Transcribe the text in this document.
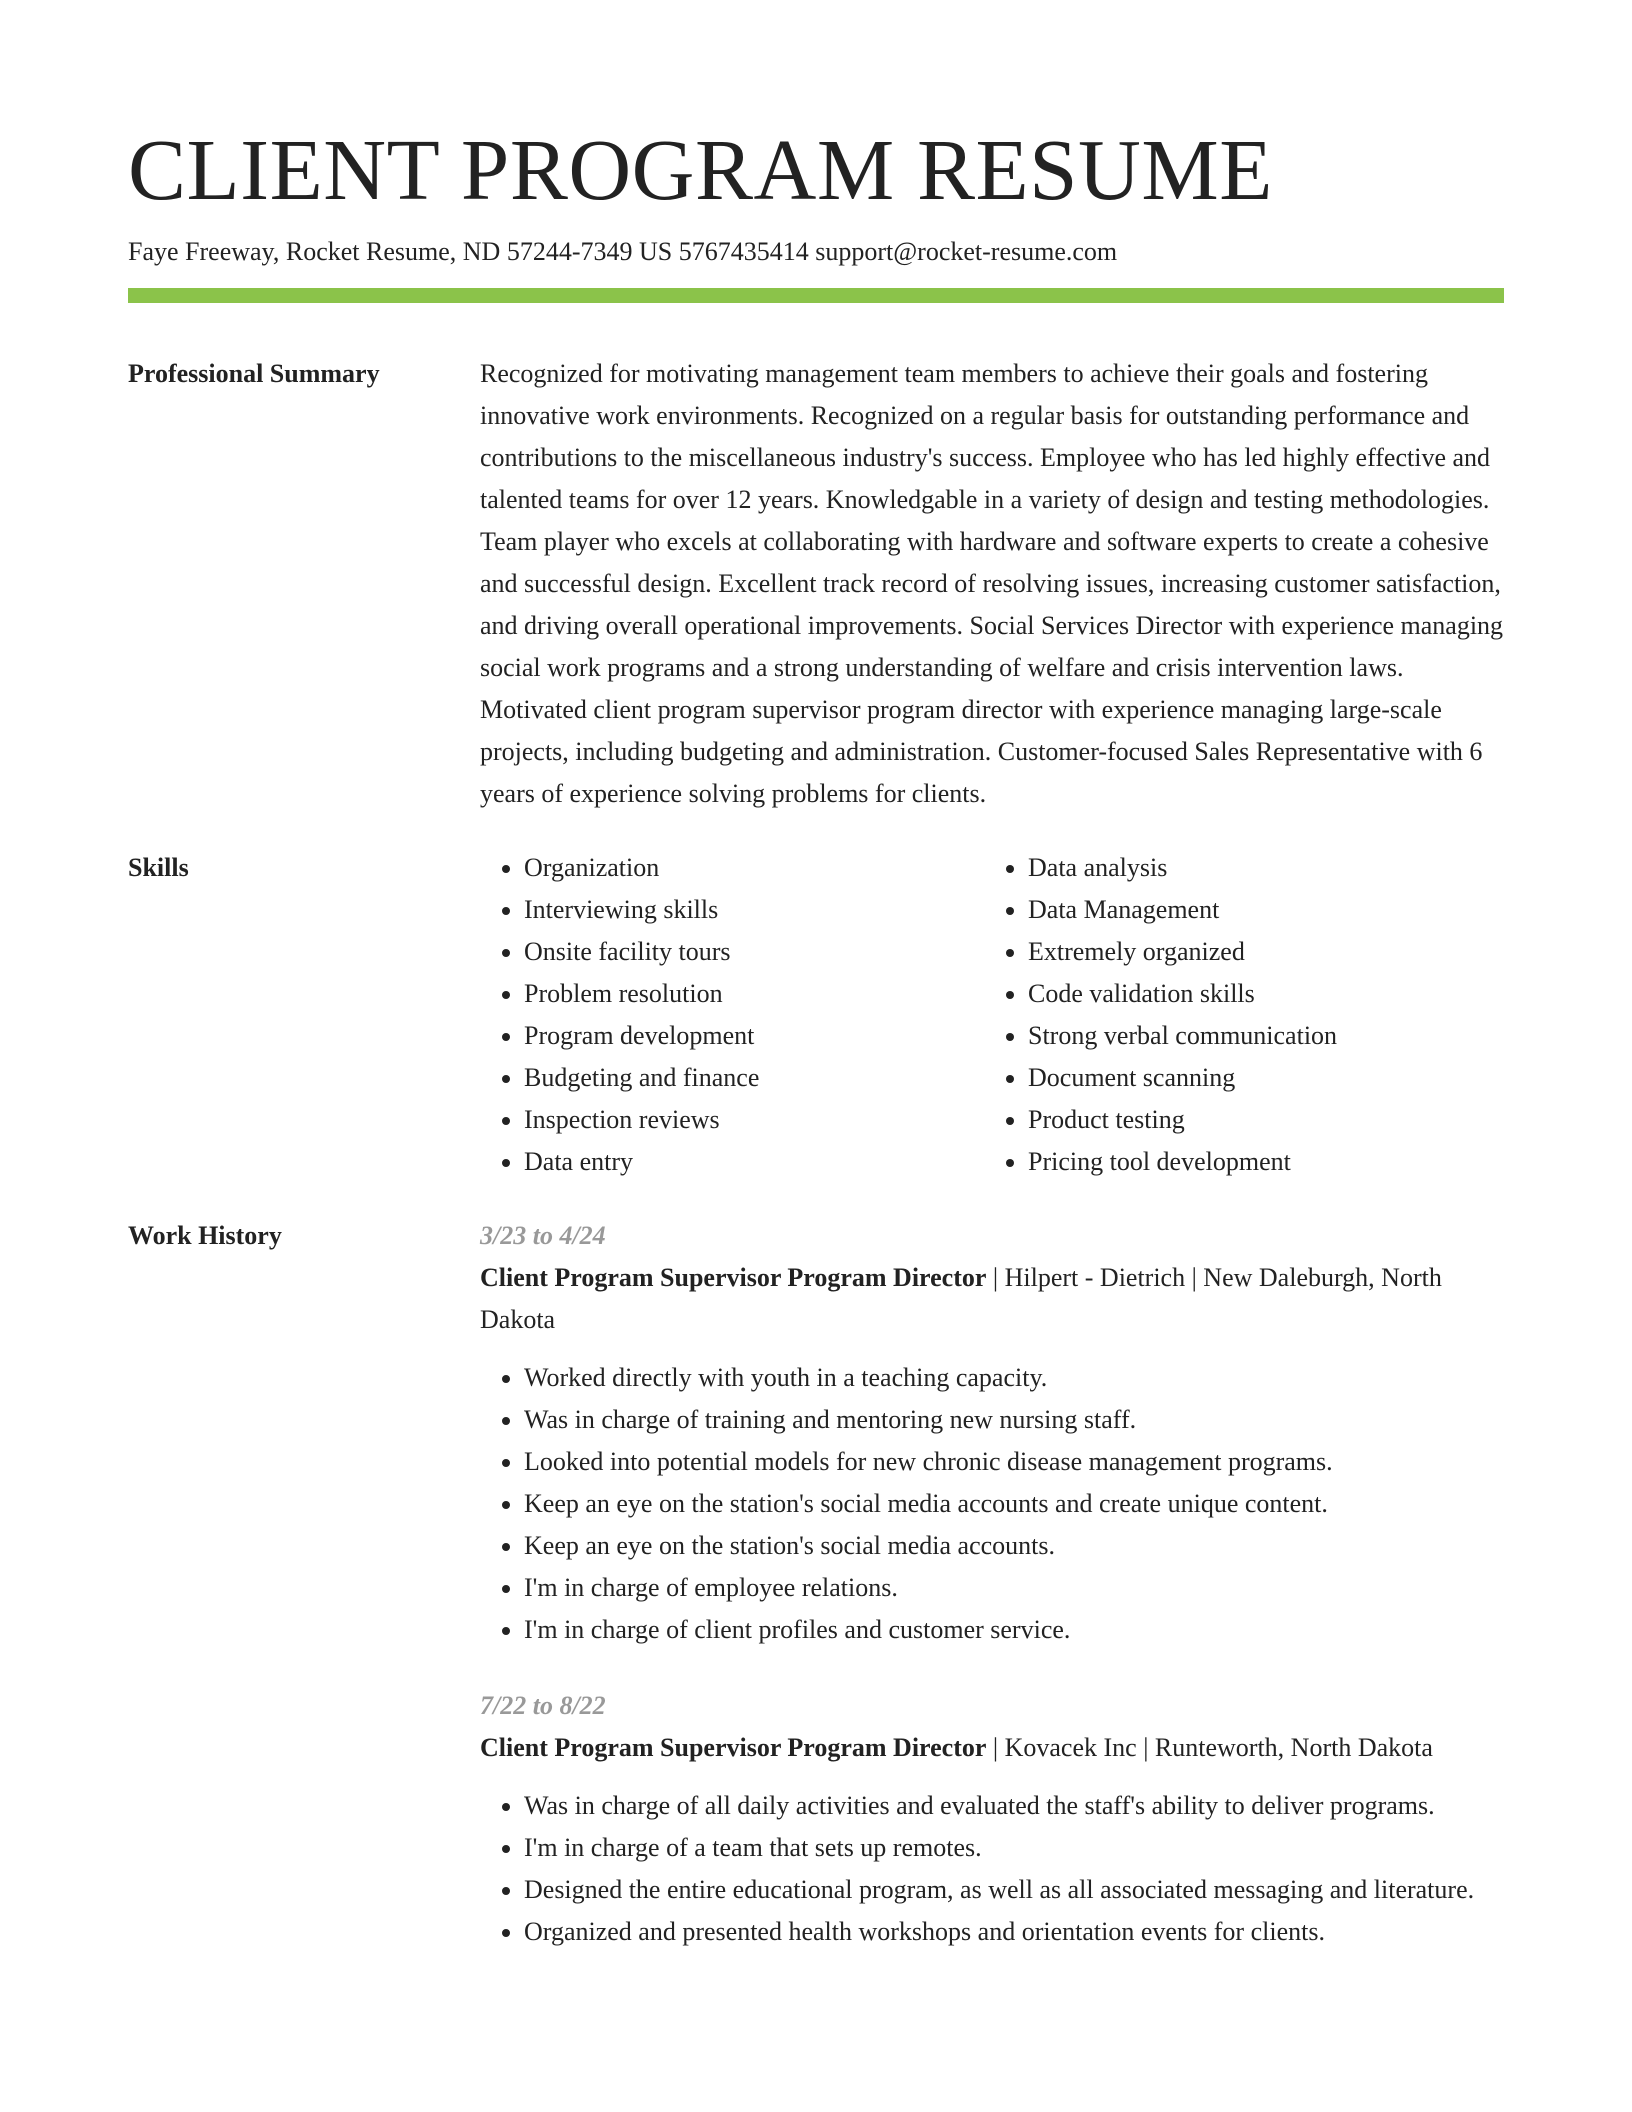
CLIENT PROGRAM RESUME
Faye Freeway, Rocket Resume, ND 57244-7349 US 5767435414 support@rocket-resume.com
Professional Summary	Recognized for motivating management team members to achieve their goals and fostering innovative work environments. Recognized on a regular basis for outstanding performance and contributions to the miscellaneous industry's success. Employee who has led highly effective and talented teams for over 12 years. Knowledgable in a variety of design and testing methodologies. Team player who excels at collaborating with hardware and software experts to create a cohesive and successful design. Excellent track record of resolving issues, increasing customer satisfaction, and driving overall operational improvements. Social Services Director with experience managing social work programs and a strong understanding of welfare and crisis intervention laws. Motivated client program supervisor program director with experience managing large-scale projects, including budgeting and administration. Customer-focused Sales Representative with 6 years of experience solving problems for clients.

Skills
•	Organization
• Interviewing skills
• Onsite facility tours
• Problem resolution
• Program development
• Budgeting and finance
• Inspection reviews
• Data entry
• Data analysis
• Data Management
• Extremely organized
• Code validation skills
• Strong verbal communication
• Document scanning
• Product testing
• Pricing tool development
Work History	3/23 to 4/24
Client Program Supervisor Program Director | Hilpert - Dietrich | New Daleburgh, North Dakota
• Worked directly with youth in a teaching capacity.
• Was in charge of training and mentoring new nursing staff.
• Looked into potential models for new chronic disease management programs.
• Keep an eye on the station's social media accounts and create unique content.
• Keep an eye on the station's social media accounts.
• I'm in charge of employee relations.
• I'm in charge of client profiles and customer service.
7/22 to 8/22
Client Program Supervisor Program Director | Kovacek Inc | Runteworth, North Dakota
• Was in charge of all daily activities and evaluated the staff's ability to deliver programs.
• I'm in charge of a team that sets up remotes.
• Designed the entire educational program, as well as all associated messaging and literature.
• Organized and presented health workshops and orientation events for clients.
